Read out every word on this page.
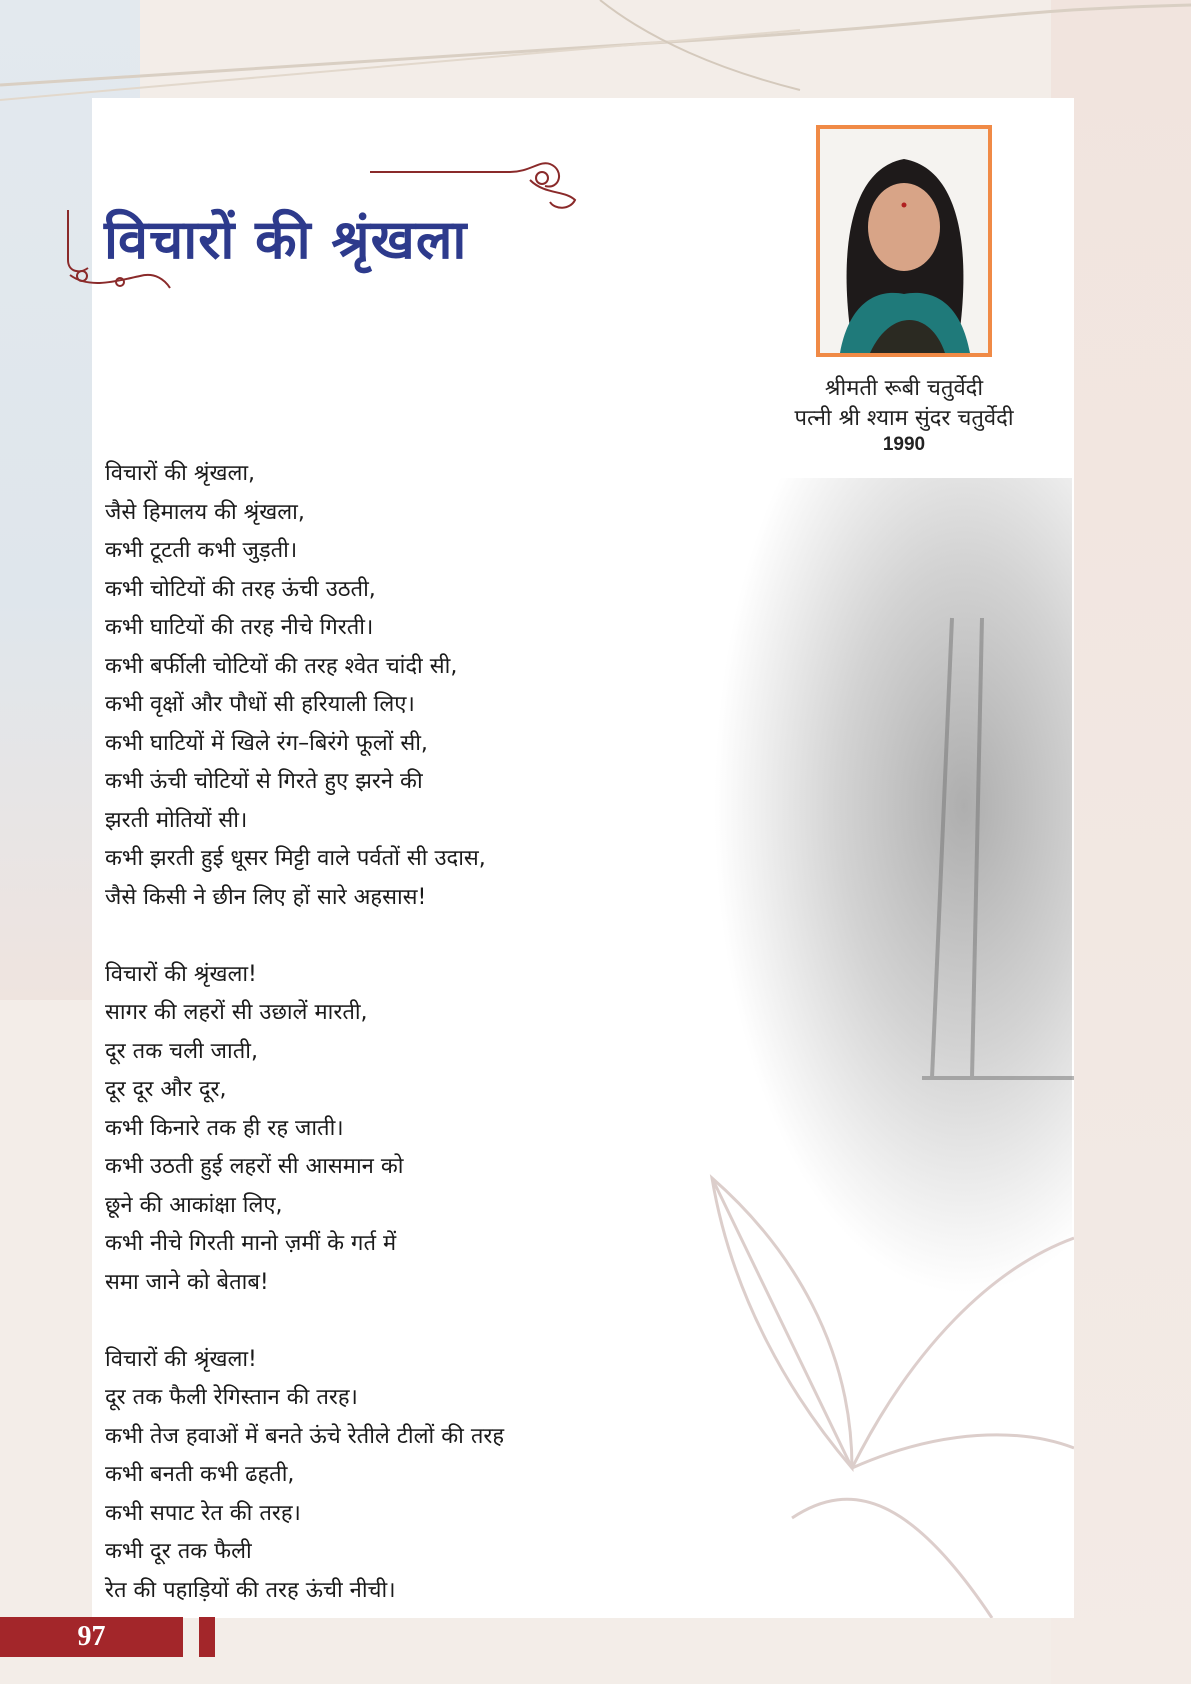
विचारों की श्रृंखला
श्रीमती रूबी चतुर्वेदी
पत्नी श्री श्याम सुंदर चतुर्वेदी
1990
विचारों की श्रृंखला,
जैसे हिमालय की श्रृंखला,
कभी टूटती कभी जुड़ती।
कभी चोटियों की तरह ऊंची उठती,
कभी घाटियों की तरह नीचे गिरती।
कभी बर्फीली चोटियों की तरह श्वेत चांदी सी,
कभी वृक्षों और पौधों सी हरियाली लिए।
कभी घाटियों में खिले रंग–बिरंगे फूलों सी,
कभी ऊंची चोटियों से गिरते हुए झरने की
झरती मोतियों सी।
कभी झरती हुई धूसर मिट्टी वाले पर्वतों सी उदास,
जैसे किसी ने छीन लिए हों सारे अहसास!
विचारों की श्रृंखला!
सागर की लहरों सी उछालें मारती,
दूर तक चली जाती,
दूर दूर और दूर,
कभी किनारे तक ही रह जाती।
कभी उठती हुई लहरों सी आसमान को
छूने की आकांक्षा लिए,
कभी नीचे गिरती मानो ज़मीं के गर्त में
समा जाने को बेताब!
विचारों की श्रृंखला!
दूर तक फैली रेगिस्तान की तरह।
कभी तेज हवाओं में बनते ऊंचे रेतीले टीलों की तरह
कभी बनती कभी ढहती,
कभी सपाट रेत की तरह।
कभी दूर तक फैली
रेत की पहाड़ियों की तरह ऊंची नीची।
97
